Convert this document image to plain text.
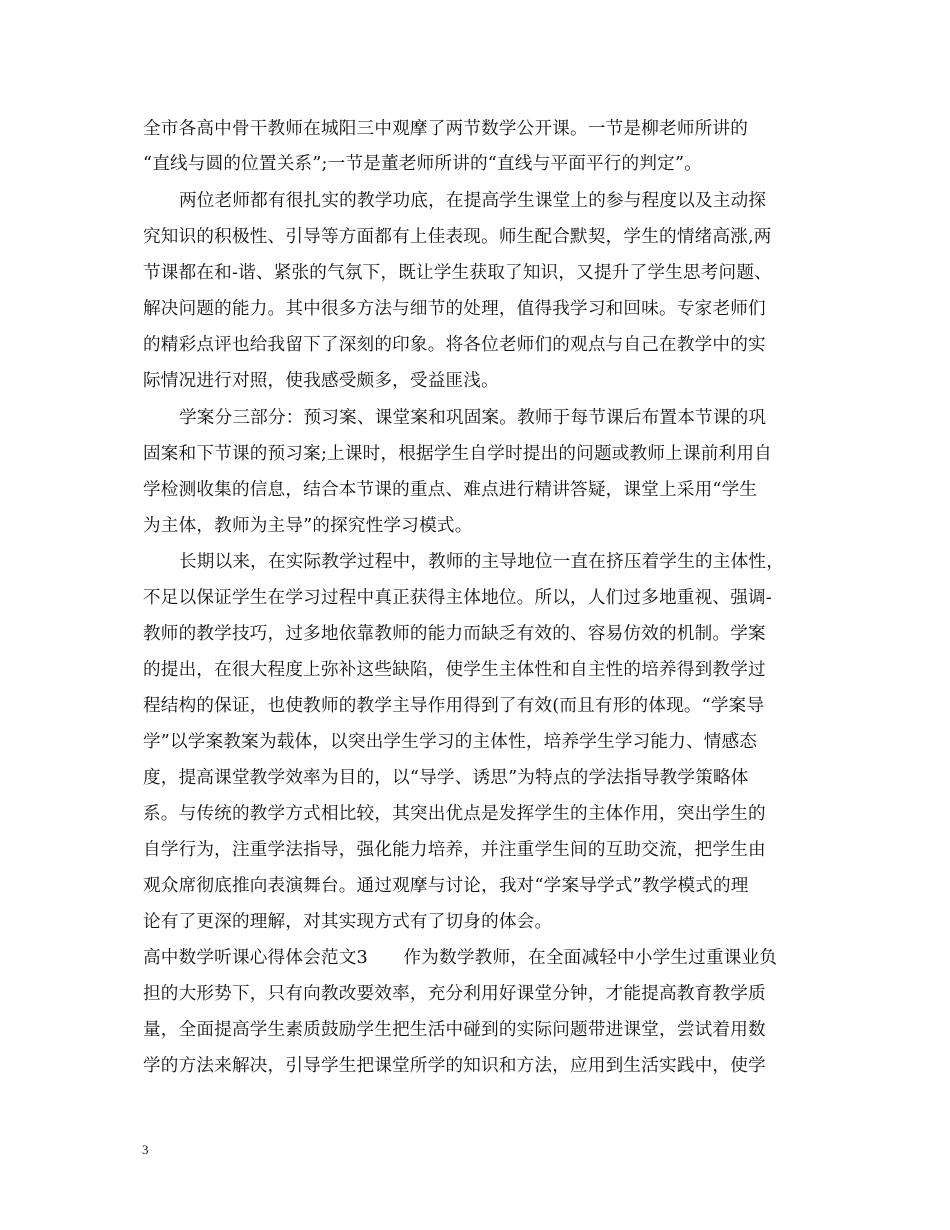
全市各高中骨干教师在城阳三中观摩了两节数学公开课。一节是柳老师所讲的
“直线与圆的位置关系”;一节是董老师所讲的“直线与平面平行的判定”。
两位老师都有很扎实的教学功底，在提高学生课堂上的参与程度以及主动探
究知识的积极性、引导等方面都有上佳表现。师生配合默契，学生的情绪高涨,两
节课都在和-谐、紧张的气氛下，既让学生获取了知识，又提升了学生思考问题、
解决问题的能力。其中很多方法与细节的处理，值得我学习和回味。专家老师们
的精彩点评也给我留下了深刻的印象。将各位老师们的观点与自己在教学中的实
际情况进行对照，使我感受颇多，受益匪浅。
学案分三部分：预习案、课堂案和巩固案。教师于每节课后布置本节课的巩
固案和下节课的预习案;上课时，根据学生自学时提出的问题或教师上课前利用自
学检测收集的信息，结合本节课的重点、难点进行精讲答疑，课堂上采用“学生
为主体，教师为主导”的探究性学习模式。
长期以来，在实际教学过程中，教师的主导地位一直在挤压着学生的主体性，
不足以保证学生在学习过程中真正获得主体地位。所以，人们过多地重视、强调-
教师的教学技巧，过多地依靠教师的能力而缺乏有效的、容易仿效的机制。学案
的提出，在很大程度上弥补这些缺陷，使学生主体性和自主性的培养得到教学过
程结构的保证，也使教师的教学主导作用得到了有效(而且有形的体现。“学案导
学”以学案教案为载体，以突出学生学习的主体性，培养学生学习能力、情感态
度，提高课堂教学效率为目的，以“导学、诱思”为特点的学法指导教学策略体
系。与传统的教学方式相比较，其突出优点是发挥学生的主体作用，突出学生的
自学行为，注重学法指导，强化能力培养，并注重学生间的互助交流，把学生由
观众席彻底推向表演舞台。通过观摩与讨论，我对“学案导学式”教学模式的理
论有了更深的理解，对其实现方式有了切身的体会。
高中数学听课心得体会范文3　　作为数学教师，在全面减轻中小学生过重课业负
担的大形势下，只有向教改要效率，充分利用好课堂分钟，才能提高教育教学质
量，全面提高学生素质鼓励学生把生活中碰到的实际问题带进课堂，尝试着用数
学的方法来解决，引导学生把课堂所学的知识和方法，应用到生活实践中，使学
3
